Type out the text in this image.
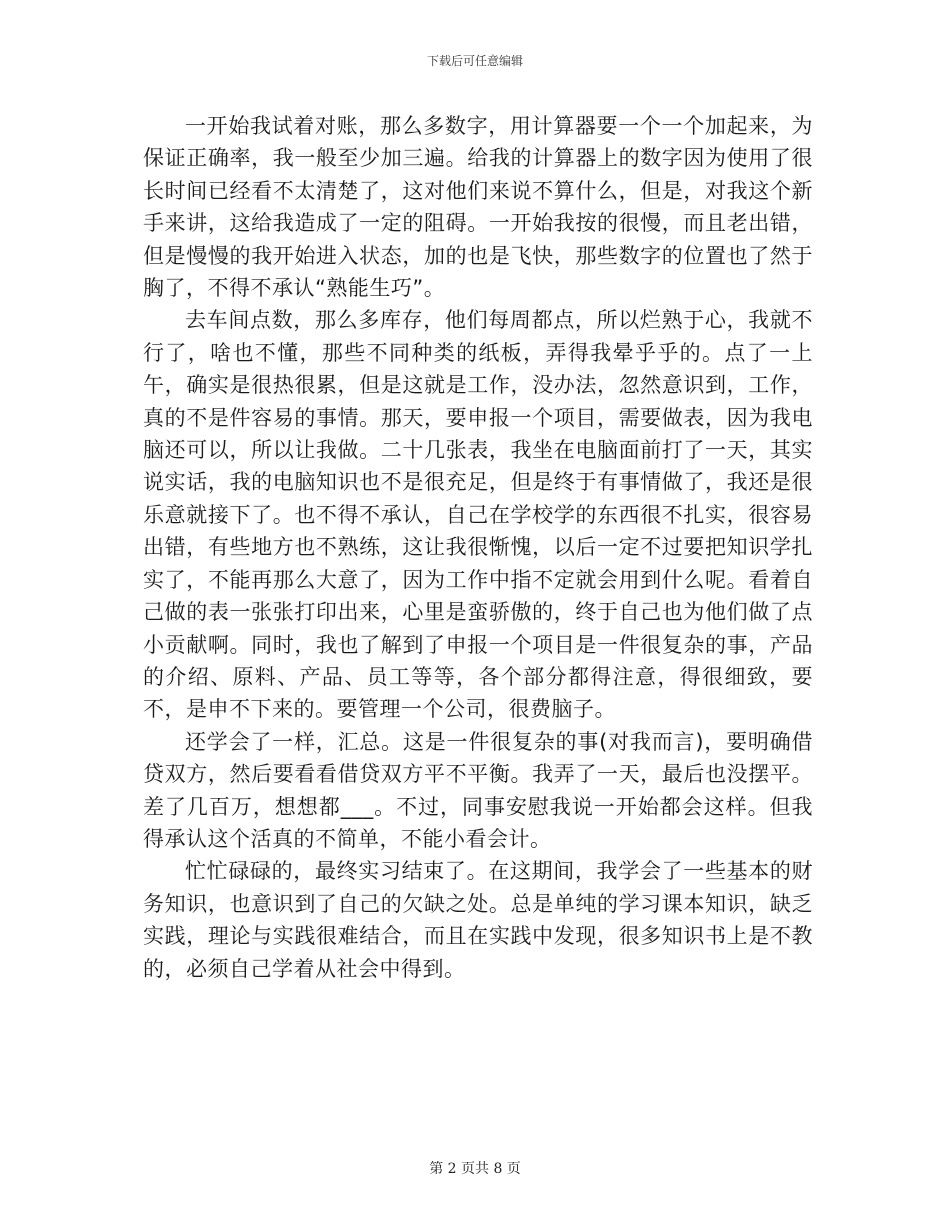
下载后可任意编辑

一开始我试着对账，那么多数字，用计算器要一个一个加起来，为保证正确率，我一般至少加三遍。给我的计算器上的数字因为使用了很长时间已经看不太清楚了，这对他们来说不算什么，但是，对我这个新手来讲，这给我造成了一定的阻碍。一开始我按的很慢，而且老出错，但是慢慢的我开始进入状态，加的也是飞快，那些数字的位置也了然于胸了，不得不承认“熟能生巧”。

去车间点数，那么多库存，他们每周都点，所以烂熟于心，我就不行了，啥也不懂，那些不同种类的纸板，弄得我晕乎乎的。点了一上午，确实是很热很累，但是这就是工作，没办法，忽然意识到，工作，真的不是件容易的事情。那天，要申报一个项目，需要做表，因为我电脑还可以，所以让我做。二十几张表，我坐在电脑面前打了一天，其实说实话，我的电脑知识也不是很充足，但是终于有事情做了，我还是很乐意就接下了。也不得不承认，自己在学校学的东西很不扎实，很容易出错，有些地方也不熟练，这让我很惭愧，以后一定不过要把知识学扎实了，不能再那么大意了，因为工作中指不定就会用到什么呢。看着自己做的表一张张打印出来，心里是蛮骄傲的，终于自己也为他们做了点小贡献啊。同时，我也了解到了申报一个项目是一件很复杂的事，产品的介绍、原料、产品、员工等等，各个部分都得注意，得很细致，要不，是申不下来的。要管理一个公司，很费脑子。

还学会了一样，汇总。这是一件很复杂的事(对我而言)，要明确借贷双方，然后要看看借贷双方平不平衡。我弄了一天，最后也没摆平。差了几百万，想想都___。不过，同事安慰我说一开始都会这样。但我得承认这个活真的不简单，不能小看会计。

忙忙碌碌的，最终实习结束了。在这期间，我学会了一些基本的财务知识，也意识到了自己的欠缺之处。总是单纯的学习课本知识，缺乏实践，理论与实践很难结合，而且在实践中发现，很多知识书上是不教的，必须自己学着从社会中得到。

第 2 页共 8 页
